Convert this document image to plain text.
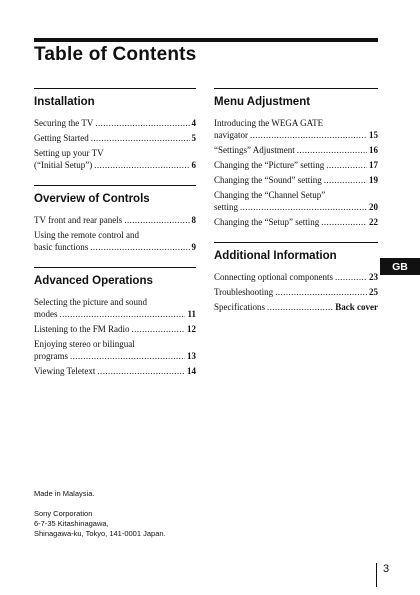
Table of Contents
Installation
Securing the TV .....	4
Getting Started .....	5
Setting up your TV
(“Initial Setup”) .....	6
Overview of Controls
TV front and rear panels .....	8
Using the remote control and
basic functions .....	9
Advanced Operations
Selecting the picture and sound
modes .....	11
Listening to the FM Radio .....	12
Enjoying stereo or bilingual
programs .....	13
Viewing Teletext .....	14
Menu Adjustment
Introducing the WEGA GATE
navigator .....	15
“Settings” Adjustment .....	16
Changing the “Picture” setting .....	17
Changing the “Sound” setting .....	19
Changing the “Channel Setup”
setting .....	20
Changing the “Setup” setting .....	22
Additional Information
Connecting optional components .....	23
Troubleshooting .....	25
Specifications .....	Back cover
GB
Made in Malaysia.
Sony Corporation
6-7-35 Kitashinagawa,
Shinagawa-ku, Tokyo, 141-0001 Japan.
3
